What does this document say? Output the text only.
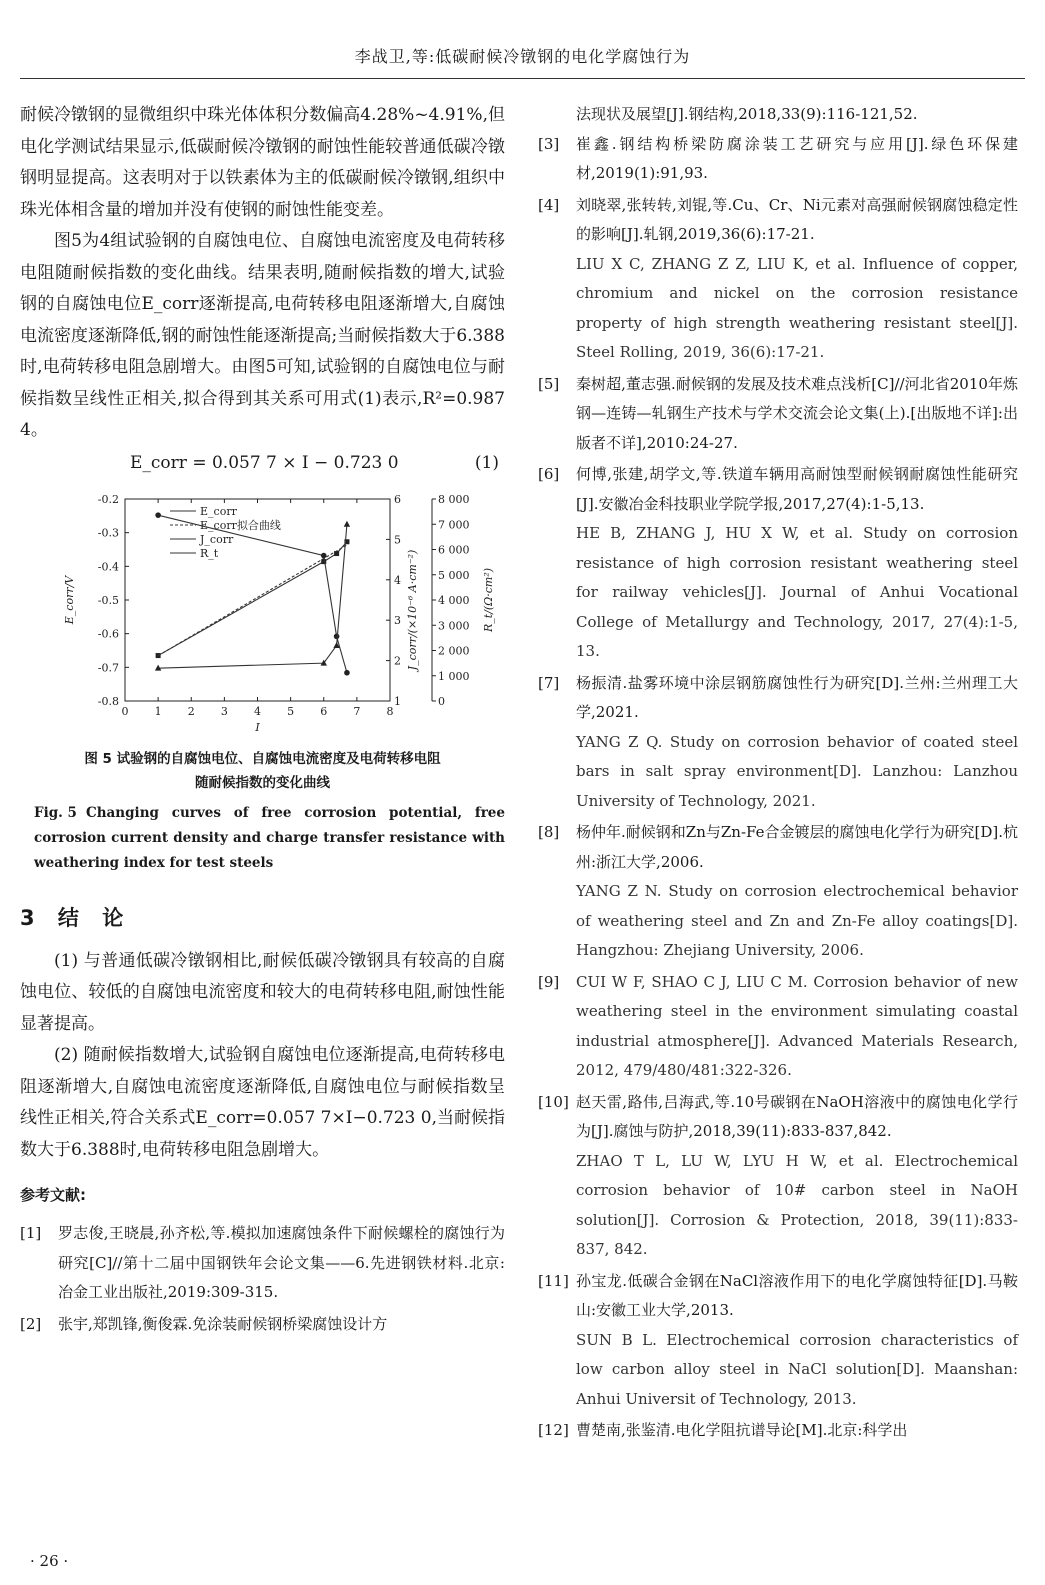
李战卫,等:低碳耐候冷镦钢的电化学腐蚀行为

耐候冷镦钢的显微组织中珠光体体积分数偏高4.28%~4.91%,但电化学测试结果显示,低碳耐候冷镦钢的耐蚀性能较普通低碳冷镦钢明显提高。这表明对于以铁素体为主的低碳耐候冷镦钢,组织中珠光体相含量的增加并没有使钢的耐蚀性能变差。

图5为4组试验钢的自腐蚀电位、自腐蚀电流密度及电荷转移电阻随耐候指数的变化曲线。结果表明,随耐候指数的增大,试验钢的自腐蚀电位E_corr逐渐提高,电荷转移电阻逐渐增大,自腐蚀电流密度逐渐降低,钢的耐蚀性能逐渐提高;当耐候指数大于6.388时,电荷转移电阻急剧增大。由图5可知,试验钢的自腐蚀电位与耐候指数呈线性正相关,拟合得到其关系可用式(1)表示,R²=0.987 4。

E_corr = 0.057 7 × I − 0.723 0	(1)
0 1 2 3 4 5 6 7 8
I
-0.8
-0.7
-0.6
-0.5
-0.4
-0.3
-0.2
E_corr/V
1
2
3
4
5
6
J_corr/(×10⁻⁶ A·cm⁻²)
0
1 000
2 000
3 000
4 000
5 000
6 000
7 000
8 000
R_t/(Ω·cm²)
E_corr
E_corr拟合曲线
J_corr
R_t
图 5 试验钢的自腐蚀电位、自腐蚀电流密度及电荷转移电阻
随耐候指数的变化曲线
Fig. 5 Changing curves of free corrosion potential, free corrosion current density and charge transfer resistance with weathering index for test steels
3 结 论

(1) 与普通低碳冷镦钢相比,耐候低碳冷镦钢具有较高的自腐蚀电位、较低的自腐蚀电流密度和较大的电荷转移电阻,耐蚀性能显著提高。

(2) 随耐候指数增大,试验钢自腐蚀电位逐渐提高,电荷转移电阻逐渐增大,自腐蚀电流密度逐渐降低,自腐蚀电位与耐候指数呈线性正相关,符合关系式E_corr=0.057 7×I−0.723 0,当耐候指数大于6.388时,电荷转移电阻急剧增大。

参考文献:
[1] 罗志俊,王晓晨,孙齐松,等.模拟加速腐蚀条件下耐候螺栓的腐蚀行为研究[C]//第十二届中国钢铁年会论文集——6.先进钢铁材料.北京:冶金工业出版社,2019:309-315.
[2] 张宇,郑凯锋,衡俊霖.免涂装耐候钢桥梁腐蚀设计方
法现状及展望[J].钢结构,2018,33(9):116-121,52.
[3] 崔鑫.钢结构桥梁防腐涂装工艺研究与应用[J].绿色环保建材,2019(1):91,93.
[4] 刘晓翠,张转转,刘锟,等.Cu、Cr、Ni元素对高强耐候钢腐蚀稳定性的影响[J].轧钢,2019,36(6):17-21.
LIU X C, ZHANG Z Z, LIU K, et al. Influence of copper, chromium and nickel on the corrosion resistance property of high strength weathering resistant steel[J]. Steel Rolling, 2019, 36(6):17-21.
[5] 秦树超,董志强.耐候钢的发展及技术难点浅析[C]//河北省2010年炼钢—连铸—轧钢生产技术与学术交流会论文集(上).[出版地不详]:出版者不详],2010:24-27.
[6] 何博,张建,胡学文,等.铁道车辆用高耐蚀型耐候钢耐腐蚀性能研究[J].安徽冶金科技职业学院学报,2017,27(4):1-5,13.
HE B, ZHANG J, HU X W, et al. Study on corrosion resistance of high corrosion resistant weathering steel for railway vehicles[J]. Journal of Anhui Vocational College of Metallurgy and Technology, 2017, 27(4):1-5, 13.
[7] 杨振清.盐雾环境中涂层钢筋腐蚀性行为研究[D].兰州:兰州理工大学,2021.
YANG Z Q. Study on corrosion behavior of coated steel bars in salt spray environment[D]. Lanzhou: Lanzhou University of Technology, 2021.
[8] 杨仲年.耐候钢和Zn与Zn-Fe合金镀层的腐蚀电化学行为研究[D].杭州:浙江大学,2006.
YANG Z N. Study on corrosion electrochemical behavior of weathering steel and Zn and Zn-Fe alloy coatings[D]. Hangzhou: Zhejiang University, 2006.
[9] CUI W F, SHAO C J, LIU C M. Corrosion behavior of new weathering steel in the environment simulating coastal industrial atmosphere[J]. Advanced Materials Research, 2012, 479/480/481:322-326.
[10] 赵天雷,路伟,吕海武,等.10号碳钢在NaOH溶液中的腐蚀电化学行为[J].腐蚀与防护,2018,39(11):833-837,842.
ZHAO T L, LU W, LYU H W, et al. Electrochemical corrosion behavior of 10# carbon steel in NaOH solution[J]. Corrosion & Protection, 2018, 39(11):833-837, 842.
[11] 孙宝龙.低碳合金钢在NaCl溶液作用下的电化学腐蚀特征[D].马鞍山:安徽工业大学,2013.
SUN B L. Electrochemical corrosion characteristics of low carbon alloy steel in NaCl solution[D]. Maanshan: Anhui Universit of Technology, 2013.
[12] 曹楚南,张鉴清.电化学阻抗谱导论[M].北京:科学出
· 26 ·
